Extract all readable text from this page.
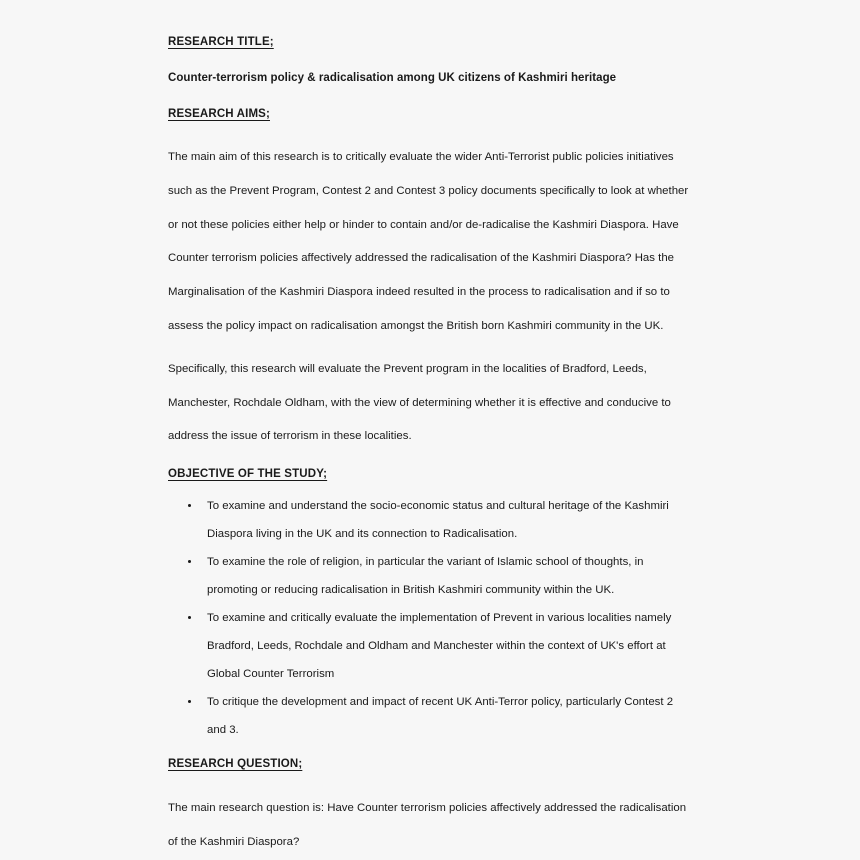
RESEARCH TITLE;

Counter-terrorism policy & radicalisation among UK citizens of Kashmiri heritage

RESEARCH AIMS;

The main aim of this research is to critically evaluate the wider Anti-Terrorist public policies initiatives such as the Prevent Program, Contest 2 and Contest 3 policy documents specifically to look at whether or not these policies either help or hinder to contain and/or de-radicalise the Kashmiri Diaspora. Have Counter terrorism policies affectively addressed the radicalisation of the Kashmiri Diaspora? Has the Marginalisation of the Kashmiri Diaspora indeed resulted in the process to radicalisation and if so to assess the policy impact on radicalisation amongst the British born Kashmiri community in the UK.

Specifically, this research will evaluate the Prevent program in the localities of Bradford, Leeds, Manchester, Rochdale Oldham, with the view of determining whether it is effective and conducive to address the issue of terrorism in these localities.

OBJECTIVE OF THE STUDY;
To examine and understand the socio-economic status and cultural heritage of the Kashmiri Diaspora living in the UK and its connection to Radicalisation.
To examine the role of religion, in particular the variant of Islamic school of thoughts, in promoting or reducing radicalisation in British Kashmiri community within the UK.
To examine and critically evaluate the implementation of Prevent in various localities namely Bradford, Leeds, Rochdale and Oldham and Manchester within the context of UK's effort at Global Counter Terrorism
To critique the development and impact of recent UK Anti-Terror policy, particularly Contest 2 and 3.
RESEARCH QUESTION;

The main research question is: Have Counter terrorism policies affectively addressed the radicalisation of the Kashmiri Diaspora?
